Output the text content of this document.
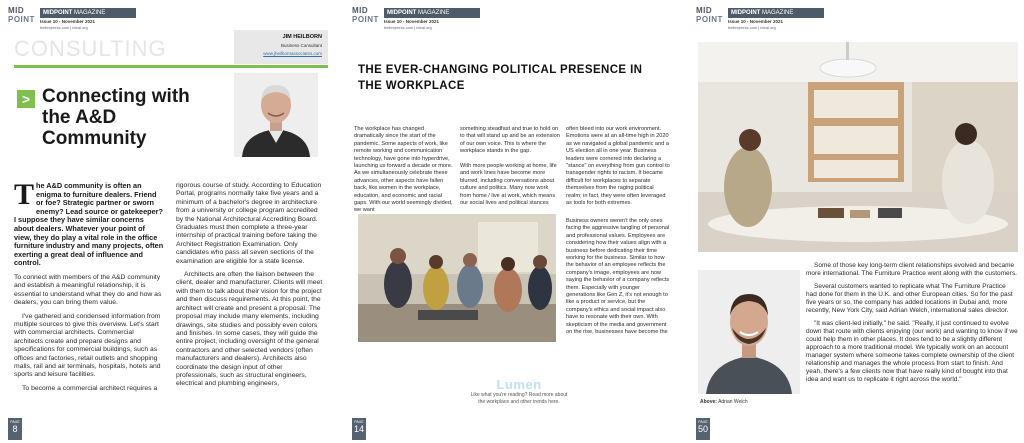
MID
POINT
MIDPOINT MAGAZINE
Issue 10 - November 2021
beltexpress.com | ideal.org
CONSULTING	JIM HEILBORN
Business Consultant
www.jheilbornassociates.com
> Connecting with the A&D Community
T he A&D community is often an enigma to furniture dealers. Friend or foe? Strategic partner or sworn enemy? Lead source or gatekeeper? I suppose they have similar concerns about dealers. Whatever your point of view, they do play a vital role in the office furniture industry and many projects, often exerting a great deal of influence and control.
To connect with members of the A&D community and establish a meaningful relationship, it is essential to understand what they do and how as dealers, you can bring them value.
I've gathered and condensed information from multiple sources to give this overview. Let's start with commercial architects. Commercial architects create and prepare designs and specifications for commercial buildings, such as offices and factories, retail outlets and shopping malls, rail and air terminals, hospitals, hotels and sports and leisure facilities.
To become a commercial architect requires a
rigorous course of study. According to Education Portal, programs normally take five years and a minimum of a bachelor's degree in architecture from a university or college program accredited by the National Architectural Accrediting Board. Graduates must then complete a three-year internship of practical training before taking the Architect Registration Examination. Only candidates who pass all seven sections of the examination are eligible for a state license.
Architects are often the liaison between the client, dealer and manufacturer. Clients will meet with them to talk about their vision for the project and then discuss requirements. At this point, the architect will create and present a proposal. The proposal may include many elements, including drawings, site studies and possibly even colors and finishes. In some cases, they will guide the entire project, including oversight of the general contractors and other selected vendors (often manufacturers and dealers). Architects also coordinate the design input of other professionals, such as structural engineers, electrical and plumbing engineers,
PAGE
8
MID
POINT
MIDPOINT MAGAZINE
Issue 10 - November 2021
beltexpress.com | ideal.org
THE EVER-CHANGING POLITICAL PRESENCE IN THE WORKPLACE
The workplace has changed dramatically since the start of the pandemic. Some aspects of work, like remote working and communication technology, have gone into hyperdrive, launching us forward a decade or more. As we simultaneously celebrate these advances, other aspects have fallen back, like women in the workplace, education, and economic and racial gaps. With our world seemingly divided, we want
something steadfast and true to hold on to that will stand up and be an extension of our own voice. This is where the workplace stands in the gap.

With more people working at home, life and work lines have become more blurred, including conversations about culture and politics. Many now work from home / live at work, which means our social lives and political stances
often bleed into our work environment. Emotions were at an all-time high in 2020 as we navigated a global pandemic and a US election all in one year. Business leaders were cornered into declaring a "stance" on everything from gun control to transgender rights to racism. It became difficult for workplaces to separate themselves from the raging political realm; in fact, they were often leveraged as tools for both extremes.
Business owners weren't the only ones facing the aggressive tangling of personal and professional values. Employees are considering how their values align with a business before dedicating their time working for the business. Similar to how the behavior of an employee reflects the company's image, employees are now saying the behavior of a company reflects them. Especially with younger generations like Gen Z, it's not enough to like a product or service, but the company's ethics and social impact also have to resonate with their own. With skepticism of the media and government on the rise, businesses have become the
Lumen
Like what you're reading? Read more about
the workplace and other trends here.
PAGE
14
MID
POINT
MIDPOINT MAGAZINE
Issue 10 - November 2021
beltexpress.com | ideal.org
Above: Adrian Welch
Some of those key long-term client relationships evolved and became more international. The Furniture Practice went along with the customers.
Several customers wanted to replicate what The Furniture Practice had done for them in the U.K. and other European cities. So for the past five years or so, the company has added locations in Dubai and, more recently, New York City, said Adrian Welch, international sales director.
"It was client-led initially," he said. "Really, it just continued to evolve down that route with clients enjoying (our work) and wanting to know if we could help them in other places. It does tend to be a slightly different approach to a more traditional model. We typically work on an account manager system where someone takes complete ownership of the client relationship and manages the whole process from start to finish. And yeah, there's a few clients now that have really kind of bought into that idea and want us to replicate it right across the world."
PAGE
50
